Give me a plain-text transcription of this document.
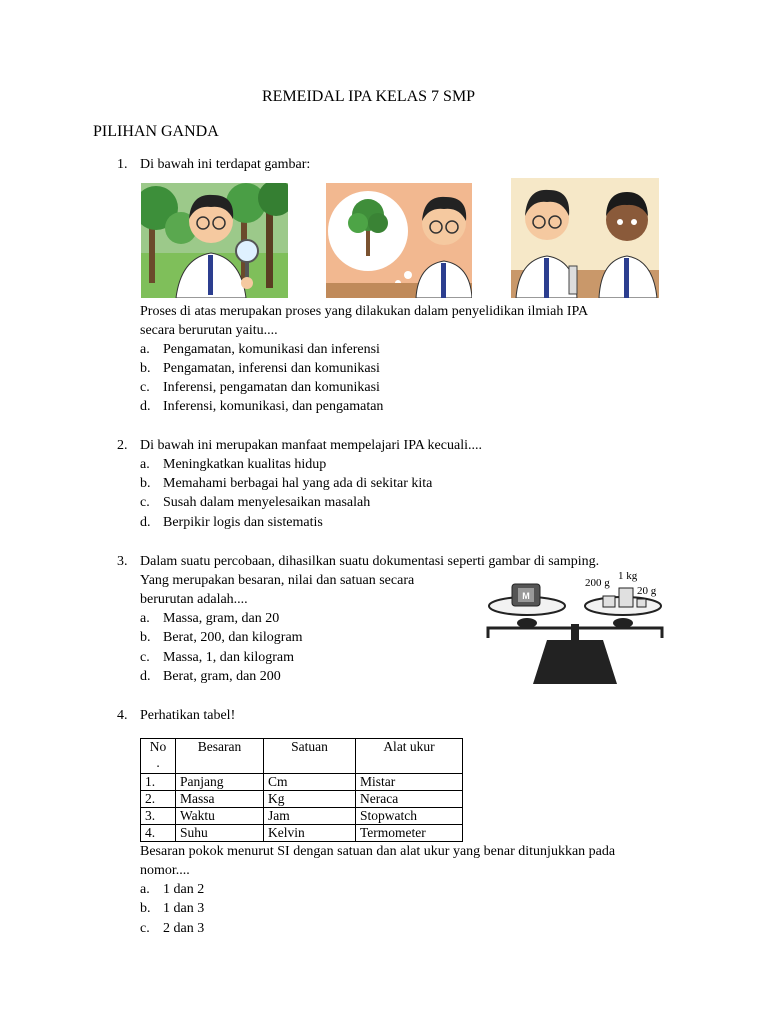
REMEIDAL IPA KELAS 7 SMP
PILIHAN GANDA
1. Di bawah ini terdapat gambar:
Proses di atas merupakan proses yang dilakukan dalam penyelidikan ilmiah IPA
secara berurutan yaitu....
a. Pengamatan, komunikasi dan inferensi
b. Pengamatan, inferensi dan komunikasi
c. Inferensi, pengamatan dan komunikasi
d. Inferensi, komunikasi, dan pengamatan
2. Di bawah ini merupakan manfaat mempelajari IPA kecuali....
a. Meningkatkan kualitas hidup
b. Memahami berbagai hal yang ada di sekitar kita
c. Susah dalam menyelesaikan masalah
d. Berpikir logis dan sistematis
3. Dalam suatu percobaan, dihasilkan suatu dokumentasi seperti gambar di samping.
Yang merupakan besaran, nilai dan satuan secara
berurutan adalah....
a. Massa, gram, dan 20
b. Berat, 200, dan kilogram
c. Massa, 1, dan kilogram
d. Berat, gram, dan 200
M
200 g
1 kg
20 g
4. Perhatikan tabel!
No
.	Besaran	Satuan	Alat ukur
1.	Panjang	Cm	Mistar
2.	Massa	Kg	Neraca
3.	Waktu	Jam	Stopwatch
4.	Suhu	Kelvin	Termometer
Besaran pokok menurut SI dengan satuan dan alat ukur yang benar ditunjukkan pada
nomor....
a. 1 dan 2
b. 1 dan 3
c. 2 dan 3
